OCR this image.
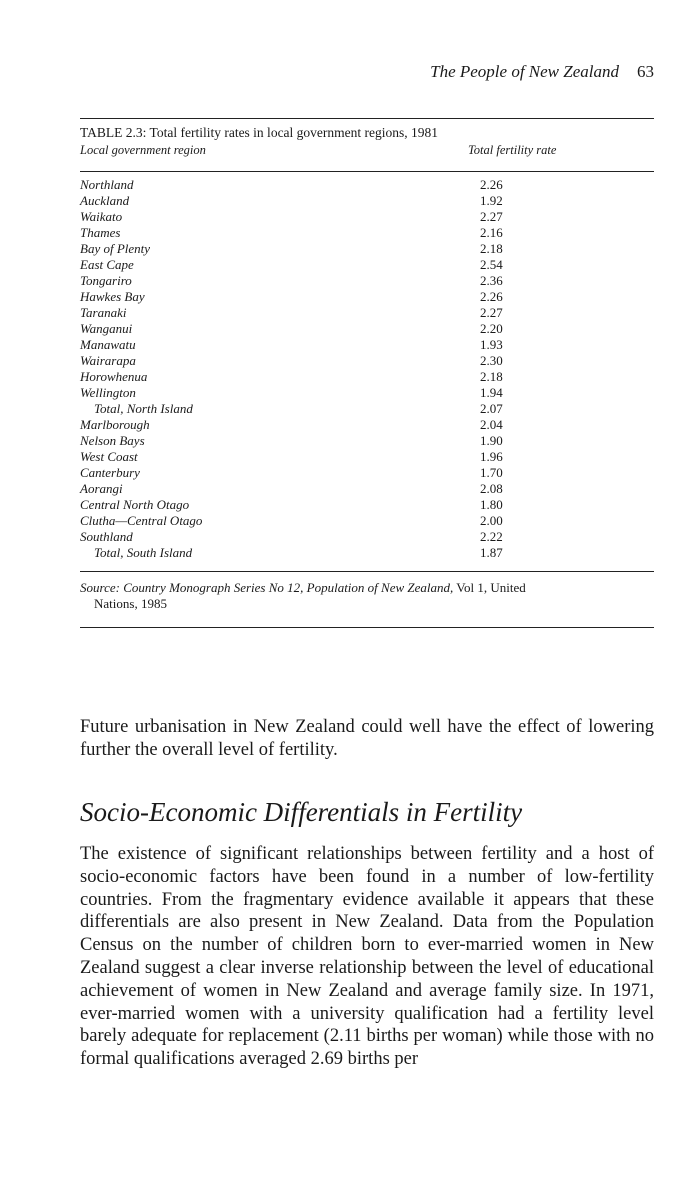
The People of New Zealand 63
TABLE 2.3: Total fertility rates in local government regions, 1981
Local government region	Total fertility rate
Northland	2.26
Auckland	1.92
Waikato	2.27
Thames	2.16
Bay of Plenty	2.18
East Cape	2.54
Tongariro	2.36
Hawkes Bay	2.26
Taranaki	2.27
Wanganui	2.20
Manawatu	1.93
Wairarapa	2.30
Horowhenua	2.18
Wellington	1.94
Total, North Island	2.07
Marlborough	2.04
Nelson Bays	1.90
West Coast	1.96
Canterbury	1.70
Aorangi	2.08
Central North Otago	1.80
Clutha—Central Otago	2.00
Southland	2.22
Total, South Island	1.87
Source: Country Monograph Series No 12, Population of New Zealand, Vol 1, United
Nations, 1985
Future urbanisation in New Zealand could well have the effect of lowering further the overall level of fertility.
Socio-Economic Differentials in Fertility
The existence of significant relationships between fertility and a host of socio-economic factors have been found in a number of low-fertility countries. From the fragmentary evidence available it appears that these differentials are also present in New Zealand. Data from the Population Census on the number of children born to ever-married women in New Zealand suggest a clear inverse relationship between the level of educational achievement of women in New Zealand and average family size. In 1971, ever-married women with a university qualification had a fertility level barely adequate for replacement (2.11 births per woman) while those with no formal qualifications averaged 2.69 births per
